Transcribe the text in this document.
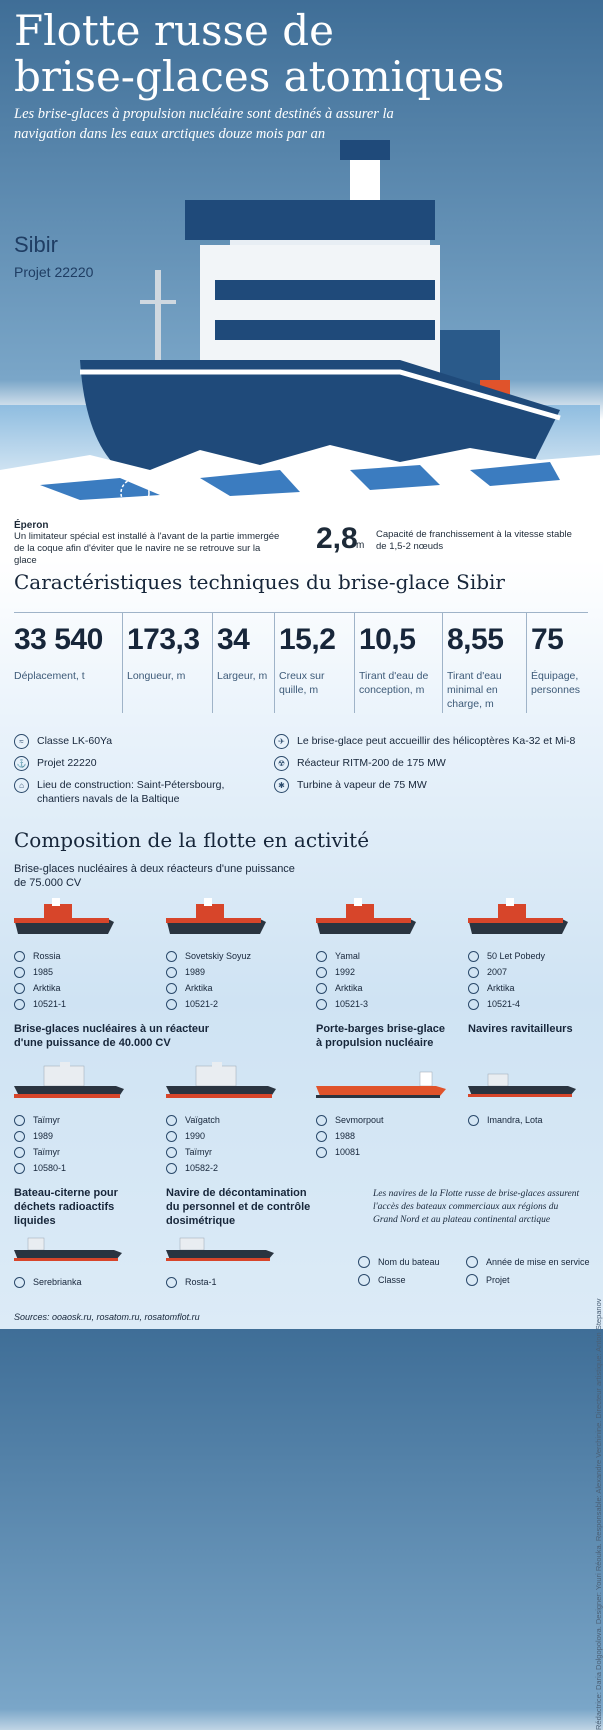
Flotte russe de
brise-glaces atomiques
Les brise-glaces à propulsion nucléaire sont destinés à assurer la navigation dans les eaux arctiques douze mois par an
Sibir
Projet 22220
Éperon
Un limitateur spécial est installé à l'avant de la partie immergée de la coque afin d'éviter que le navire ne se retrouve sur la glace
2,8
m
Capacité de franchissement à la vitesse stable de 1,5-2 nœuds
Caractéristiques techniques du brise-glace Sibir
33 540
Déplacement, t
173,3
Longueur, m
34
Largeur, m
15,2
Creux sur quille, m
10,5
Tirant d'eau de conception, m
8,55
Tirant d'eau minimal en charge, m
75
Équipage, personnes
≈	Classe LK-60Ya
⚓ Projet 22220
⌂	Lieu de construction: Saint-Pétersbourg, chantiers navals de la Baltique
✈	Le brise-glace peut accueillir des hélicoptères Ka-32 et Mi-8
☢	Réacteur RITM-200 de 175 MW
✱	Turbine à vapeur de 75 MW
Composition de la flotte en activité
Brise-glaces nucléaires à deux réacteurs d'une puissance de 75.000 CV
Rossia
1985
Arktika
10521-1
Sovetskiy Soyuz
1989
Arktika
10521-2
Yamal
1992
Arktika
10521-3
50 Let Pobedy
2007
Arktika
10521-4
Brise-glaces nucléaires à un réacteur d'une puissance de 40.000 CV
Porte-barges brise-glace à propulsion nucléaire
Navires ravitailleurs
Taïmyr
1989
Taïmyr
10580-1
Vaïgatch
1990
Taïmyr
10582-2
Sevmorpout
1988
10081
Imandra, Lota
Bateau-citerne pour déchets radioactifs liquides
Navire de décontamination du personnel et de contrôle dosimétrique
Serebrianka	Rosta-1
Les navires de la Flotte russe de brise-glaces assurent l'accès des bateaux commerciaux aux régions du Grand Nord et au plateau continental arctique
Nom du bateau	Année de mise en service
Classe	Projet
Sources: ooaosk.ru, rosatom.ru, rosatomflot.ru	Rédactrice: Daria Dolgopolova. Designer: Youri Réouka. Responsable: Alexandre Verchinine. Directeur artistique: Anton Stepanov
